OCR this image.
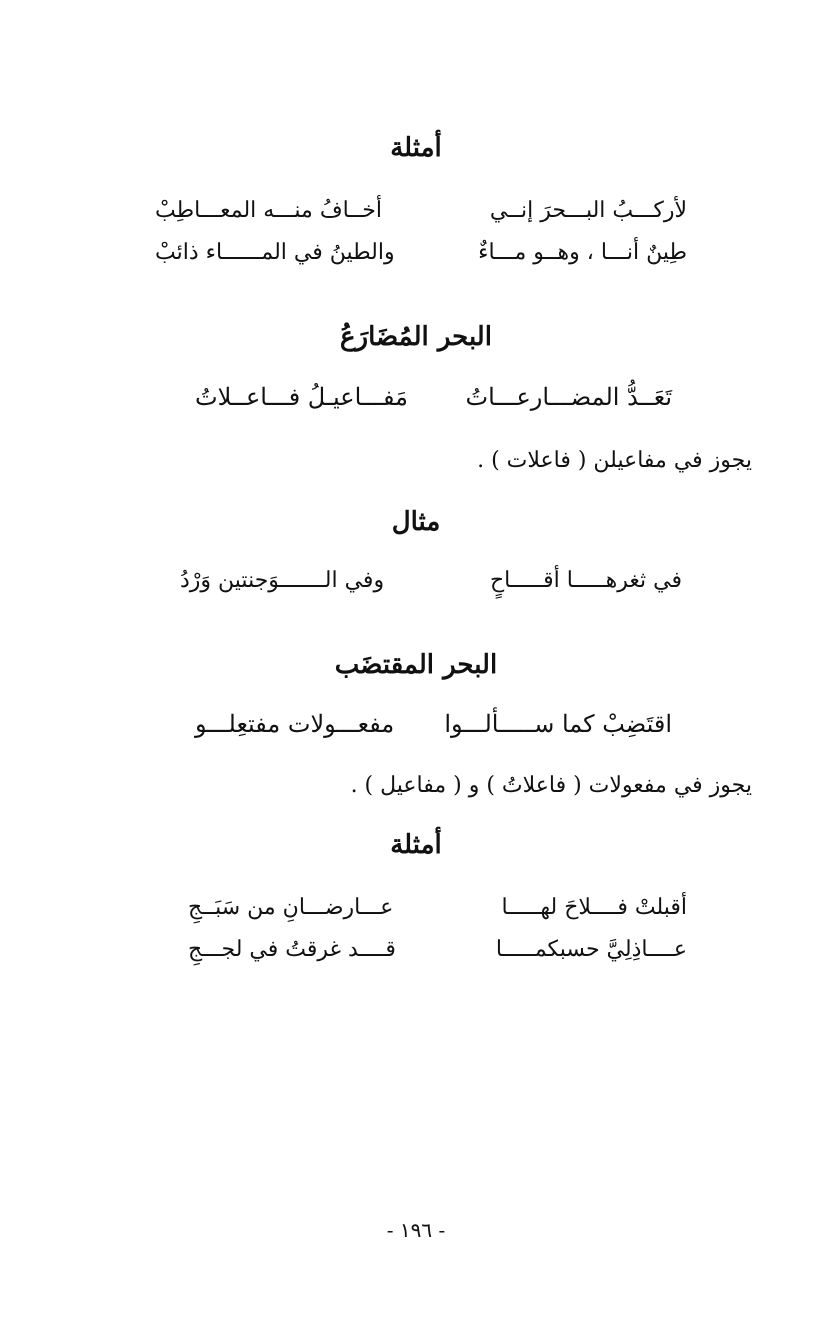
أمثلة
لأركـــبُ البـــحرَ إنــي
أخــافُ منـــه المعـــاطِبْ
طِينٌ أنـــا ، وهــو مـــاءٌ
والطينُ في المــــــاء ذائبْ
البحر المُضَارَعُ
تَعَــدُّ المضـــارعـــاتُ
مَفـــاعيـلُ فـــاعــلاتُ
يجوز في مفاعيلن ( فاعلات ) .
مثال
في ثغرهـــــا أقـــــاحٍ
وفي الـــــــوَجنتين وَرْدُ
البحر المقتضَب
اقتَضِبْ كما ســـــألـــوا
مفعـــولات مفتعِلـــو
يجوز في مفعولات ( فاعلاتُ ) و ( مفاعيل ) .
أمثلة
أقبلتْ فــــلاحَ لهـــــا
عـــارضـــانِ من سَبَــجِ
عــــاذِلِيَّ حسبكمـــــا
قــــد غرقتُ في لجـــجِ
- ١٩٦ -
